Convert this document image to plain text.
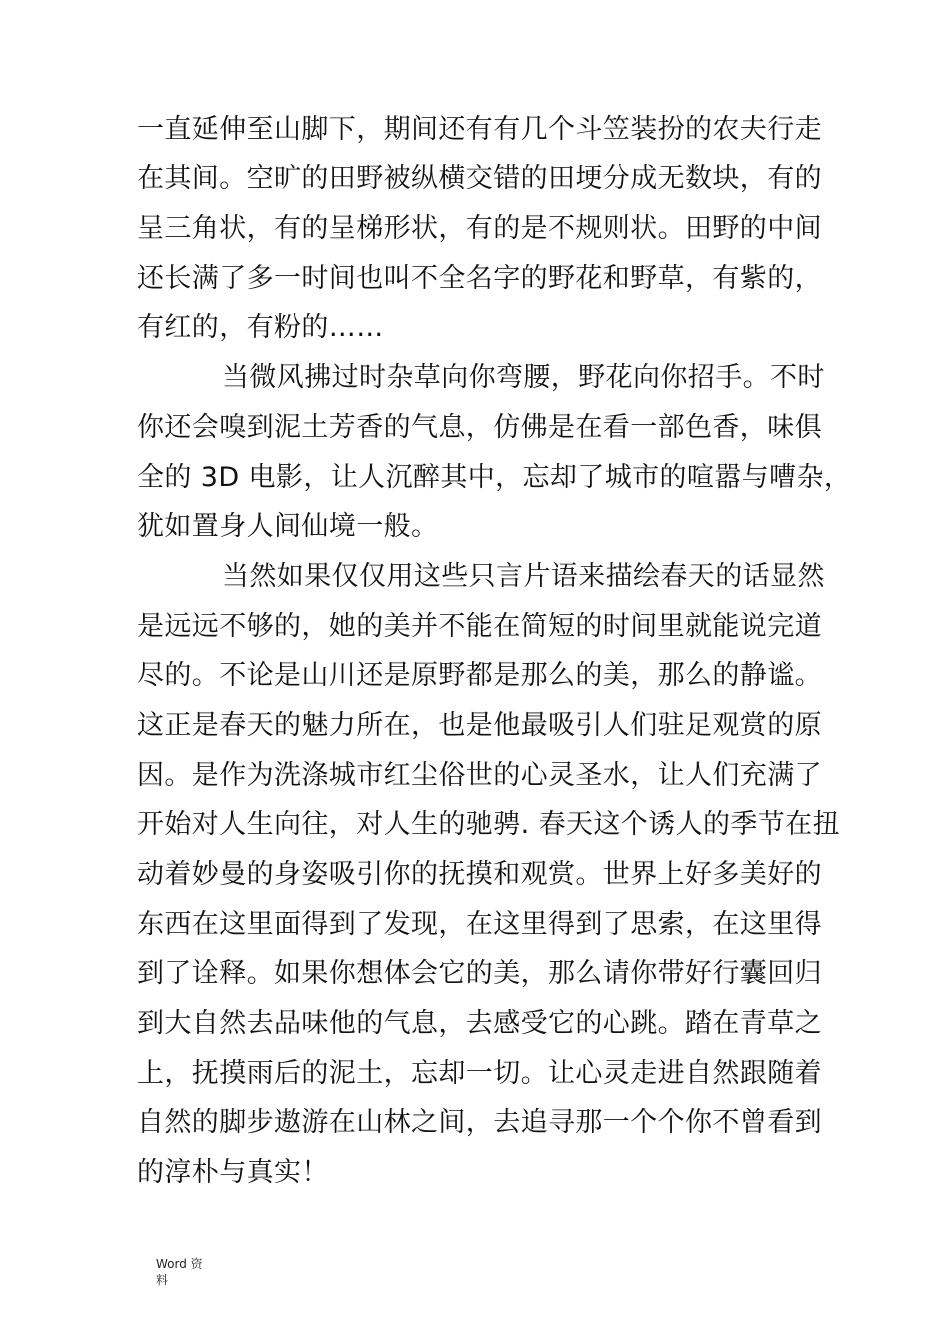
一直延伸至山脚下，期间还有有几个斗笠装扮的农夫行走
在其间。空旷的田野被纵横交错的田埂分成无数块，有的
呈三角状，有的呈梯形状，有的是不规则状。田野的中间
还长满了多一时间也叫不全名字的野花和野草，有紫的，
有红的，有粉的……
当微风拂过时杂草向你弯腰，野花向你招手。不时
你还会嗅到泥土芳香的气息，仿佛是在看一部色香，味俱
全的 3D 电影，让人沉醉其中，忘却了城市的喧嚣与嘈杂，
犹如置身人间仙境一般。
当然如果仅仅用这些只言片语来描绘春天的话显然
是远远不够的，她的美并不能在简短的时间里就能说完道
尽的。不论是山川还是原野都是那么的美，那么的静谧。
这正是春天的魅力所在，也是他最吸引人们驻足观赏的原
因。是作为洗涤城市红尘俗世的心灵圣水，让人们充满了
开始对人生向往，对人生的驰骋. 春天这个诱人的季节在扭
动着妙曼的身姿吸引你的抚摸和观赏。世界上好多美好的
东西在这里面得到了发现，在这里得到了思索，在这里得
到了诠释。如果你想体会它的美，那么请你带好行囊回归
到大自然去品味他的气息，去感受它的心跳。踏在青草之
上，抚摸雨后的泥土，忘却一切。让心灵走进自然跟随着
自然的脚步遨游在山林之间，去追寻那一个个你不曾看到
的淳朴与真实！
Word 资
料
